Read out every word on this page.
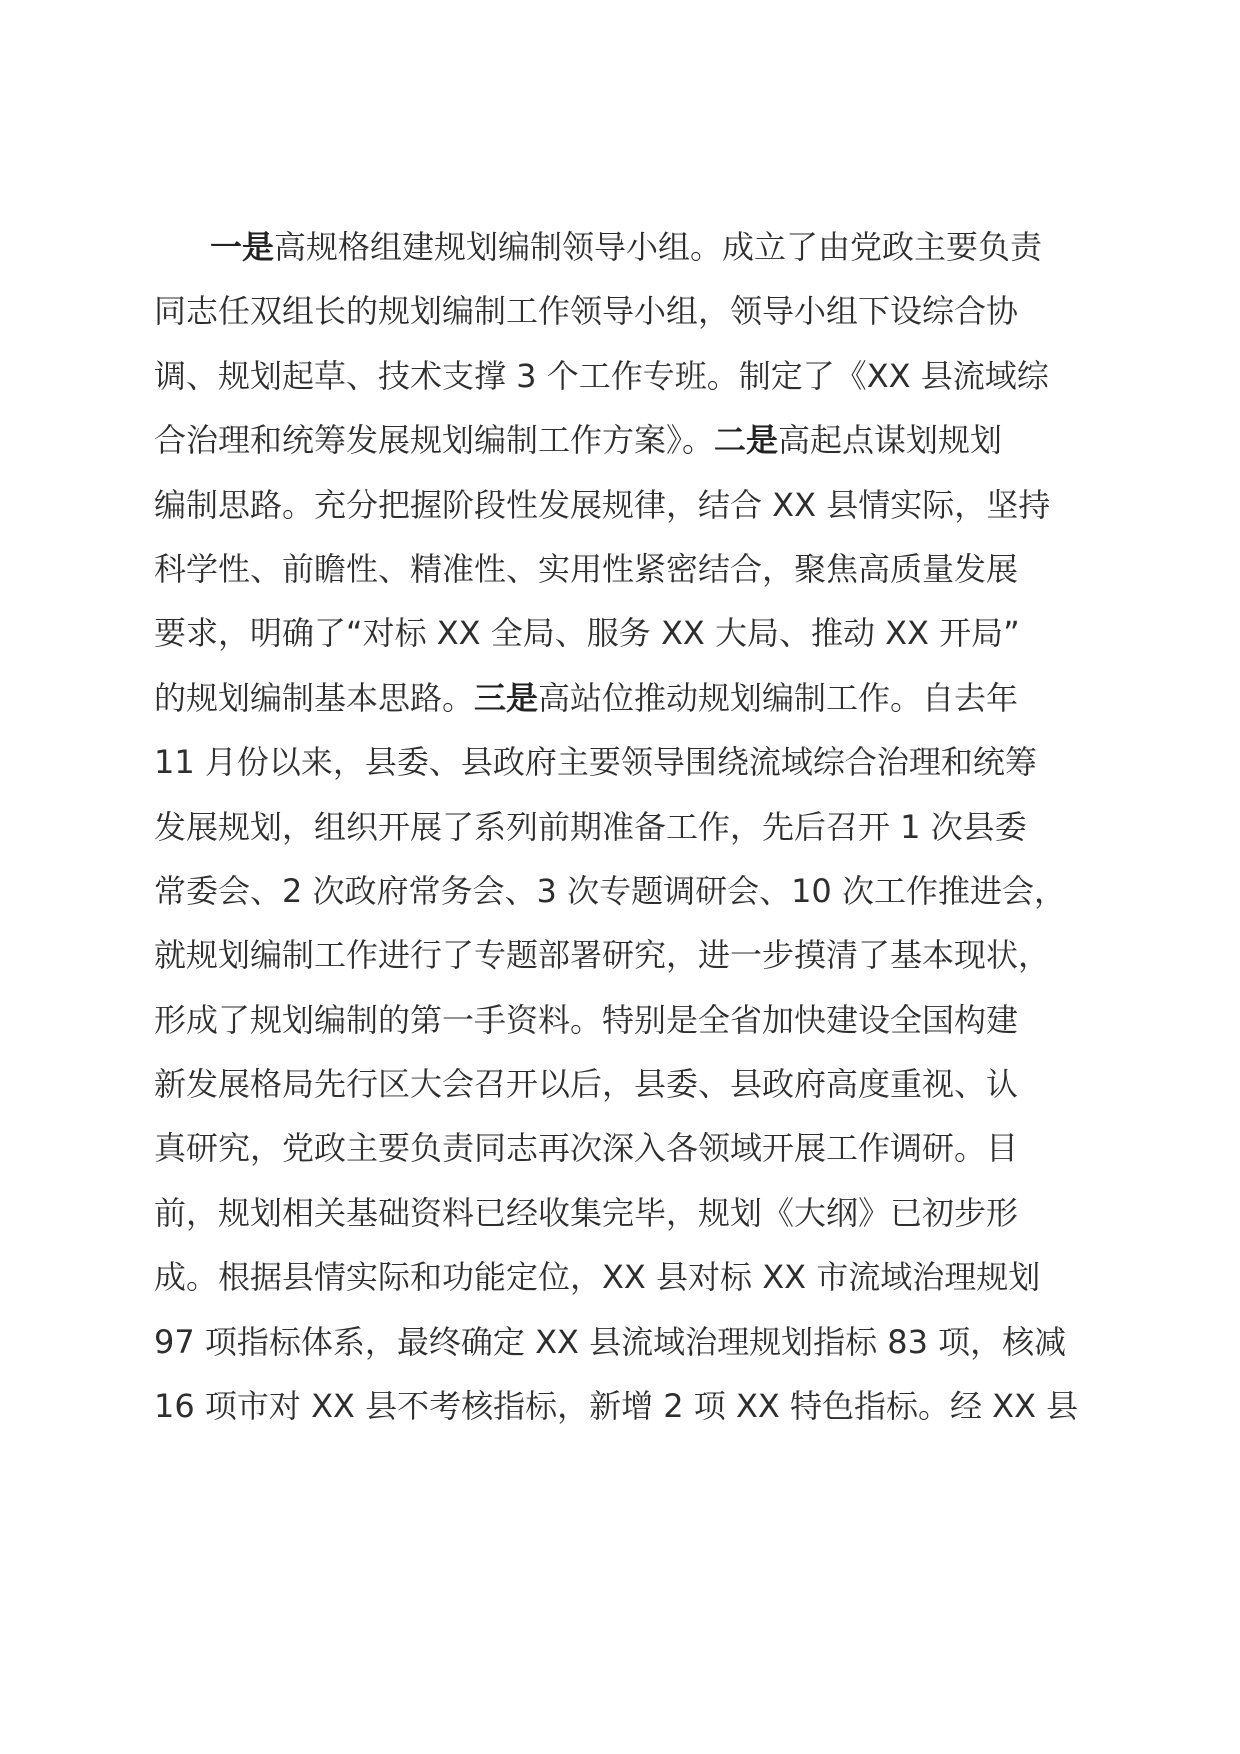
一是高规格组建规划编制领导小组。成立了由党政主要负责
同志任双组长的规划编制工作领导小组，领导小组下设综合协
调、规划起草、技术支撑 3 个工作专班。制定了《XX 县流域综
合治理和统筹发展规划编制工作方案》。二是高起点谋划规划
编制思路。充分把握阶段性发展规律，结合 XX 县情实际，坚持
科学性、前瞻性、精准性、实用性紧密结合，聚焦高质量发展
要求，明确了“对标 XX 全局、服务 XX 大局、推动 XX 开局”
的规划编制基本思路。三是高站位推动规划编制工作。自去年
11 月份以来，县委、县政府主要领导围绕流域综合治理和统筹
发展规划，组织开展了系列前期准备工作，先后召开 1 次县委
常委会、2 次政府常务会、3 次专题调研会、10 次工作推进会，
就规划编制工作进行了专题部署研究，进一步摸清了基本现状，
形成了规划编制的第一手资料。特别是全省加快建设全国构建
新发展格局先行区大会召开以后，县委、县政府高度重视、认
真研究，党政主要负责同志再次深入各领域开展工作调研。目
前，规划相关基础资料已经收集完毕，规划《大纲》已初步形
成。根据县情实际和功能定位，XX 县对标 XX 市流域治理规划
97 项指标体系，最终确定 XX 县流域治理规划指标 83 项，核减
16 项市对 XX 县不考核指标，新增 2 项 XX 特色指标。经 XX 县
